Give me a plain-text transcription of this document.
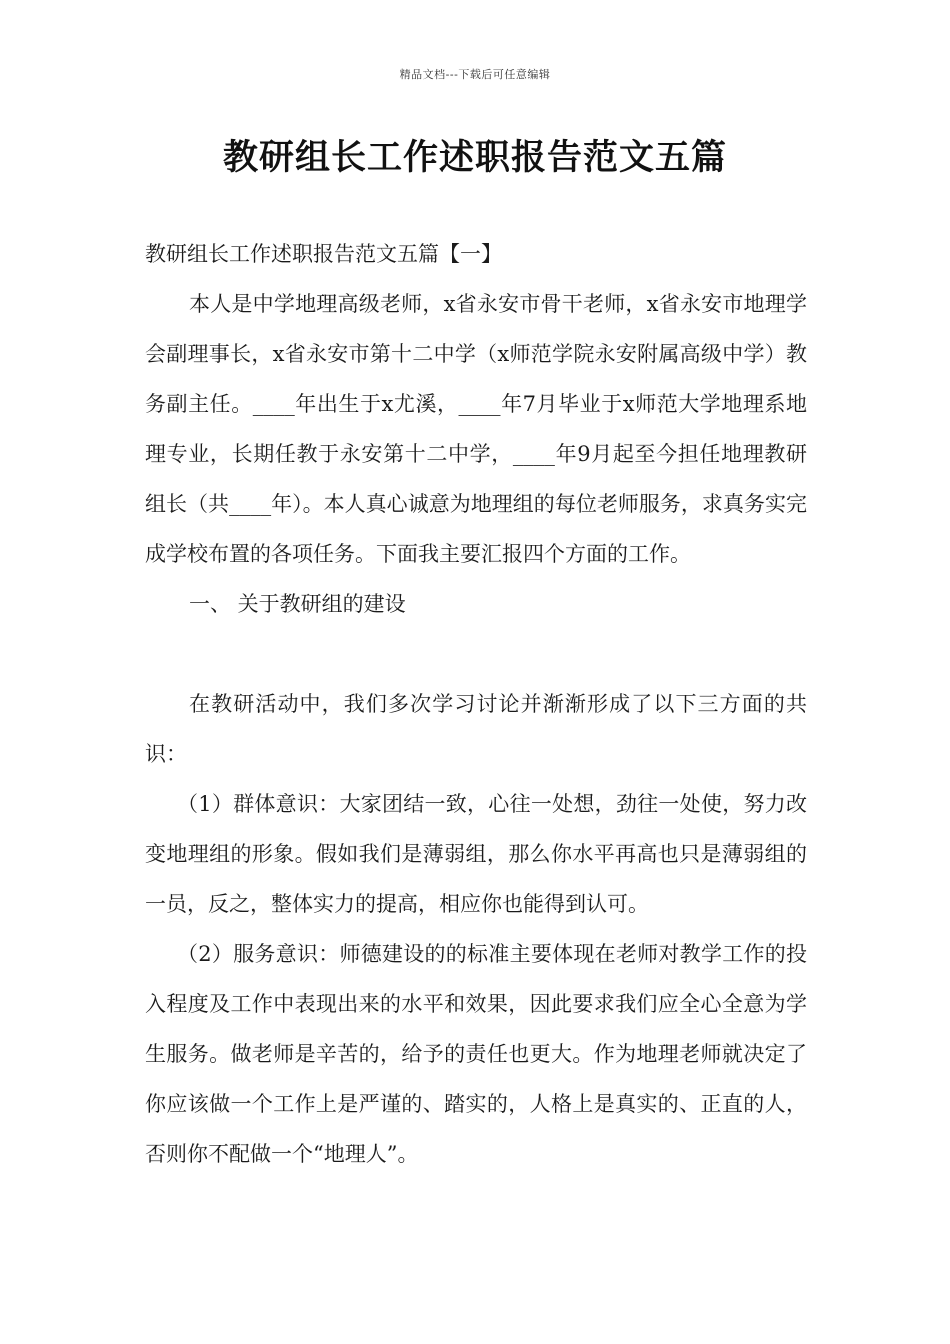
精品文档---下载后可任意编辑
教研组长工作述职报告范文五篇

教研组长工作述职报告范文五篇【一】

本人是中学地理高级老师，x省永安市骨干老师，x省永安市地理学会副理事长，x省永安市第十二中学（x师范学院永安附属高级中学）教务副主任。____年出生于x尤溪，____年7月毕业于x师范大学地理系地理专业，长期任教于永安第十二中学，____年9月起至今担任地理教研组长（共____年）。本人真心诚意为地理组的每位老师服务，求真务实完成学校布置的各项任务。下面我主要汇报四个方面的工作。

一、 关于教研组的建设

在教研活动中，我们多次学习讨论并渐渐形成了以下三方面的共识：

（1）群体意识：大家团结一致，心往一处想，劲往一处使，努力改变地理组的形象。假如我们是薄弱组，那么你水平再高也只是薄弱组的一员，反之，整体实力的提高，相应你也能得到认可。

（2）服务意识：师德建设的的标准主要体现在老师对教学工作的投入程度及工作中表现出来的水平和效果，因此要求我们应全心全意为学生服务。做老师是辛苦的，给予的责任也更大。作为地理老师就决定了你应该做一个工作上是严谨的、踏实的，人格上是真实的、正直的人，否则你不配做一个“地理人”。
